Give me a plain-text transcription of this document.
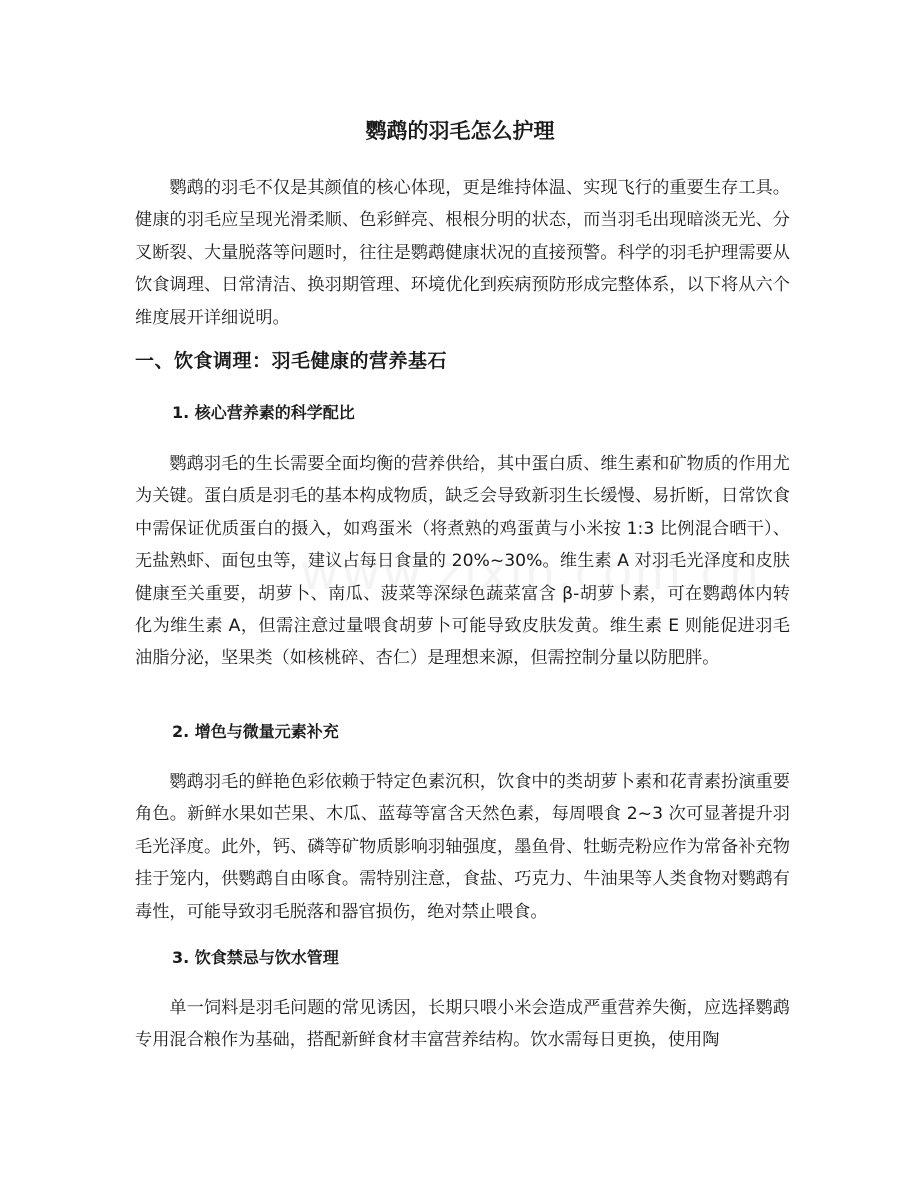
鹦鹉的羽毛怎么护理

鹦鹉的羽毛不仅是其颜值的核心体现，更是维持体温、实现飞行的重要生存工具。健康的羽毛应呈现光滑柔顺、色彩鲜亮、根根分明的状态，而当羽毛出现暗淡无光、分叉断裂、大量脱落等问题时，往往是鹦鹉健康状况的直接预警。科学的羽毛护理需要从饮食调理、日常清洁、换羽期管理、环境优化到疾病预防形成完整体系，以下将从六个维度展开详细说明。

一、饮食调理：羽毛健康的营养基石
1. 核心营养素的科学配比

鹦鹉羽毛的生长需要全面均衡的营养供给，其中蛋白质、维生素和矿物质的作用尤为关键。蛋白质是羽毛的基本构成物质，缺乏会导致新羽生长缓慢、易折断，日常饮食中需保证优质蛋白的摄入，如鸡蛋米（将煮熟的鸡蛋黄与小米按 1:3 比例混合晒干）、无盐熟虾、面包虫等，建议占每日食量的 20%~30%。维生素 A 对羽毛光泽度和皮肤健康至关重要，胡萝卜、南瓜、菠菜等深绿色蔬菜富含 β-胡萝卜素，可在鹦鹉体内转化为维生素 A，但需注意过量喂食胡萝卜可能导致皮肤发黄。维生素 E 则能促进羽毛油脂分泌，坚果类（如核桃碎、杏仁）是理想来源，但需控制分量以防肥胖。

2. 增色与微量元素补充

鹦鹉羽毛的鲜艳色彩依赖于特定色素沉积，饮食中的类胡萝卜素和花青素扮演重要角色。新鲜水果如芒果、木瓜、蓝莓等富含天然色素，每周喂食 2~3 次可显著提升羽毛光泽度。此外，钙、磷等矿物质影响羽轴强度，墨鱼骨、牡蛎壳粉应作为常备补充物挂于笼内，供鹦鹉自由啄食。需特别注意，食盐、巧克力、牛油果等人类食物对鹦鹉有毒性，可能导致羽毛脱落和器官损伤，绝对禁止喂食。

3. 饮食禁忌与饮水管理

单一饲料是羽毛问题的常见诱因，长期只喂小米会造成严重营养失衡，应选择鹦鹉专用混合粮作为基础，搭配新鲜食材丰富营养结构。饮水需每日更换，使用陶
